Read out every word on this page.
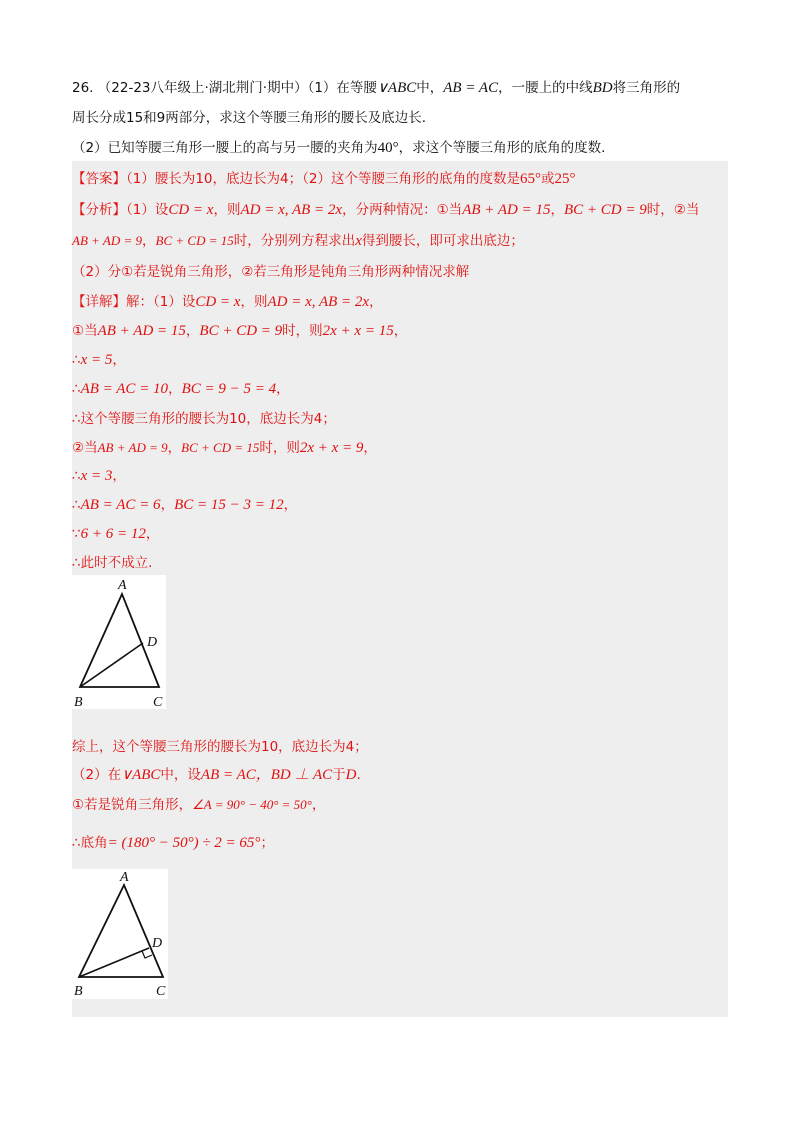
26. （22-23八年级上·湖北荆门·期中）（1）在等腰∨ABC中，AB = AC，一腰上的中线BD将三角形的
周长分成15和9两部分，求这个等腰三角形的腰长及底边长.
（2）已知等腰三角形一腰上的高与另一腰的夹角为40°，求这个等腰三角形的底角的度数.
【答案】（1）腰长为10，底边长为4；（2）这个等腰三角形的底角的度数是65°或25°
【分析】（1）设CD = x，则AD = x, AB = 2x，分两种情况：①当AB + AD = 15，BC + CD = 9时，②当
AB + AD = 9，BC + CD = 15时，分别列方程求出x得到腰长，即可求出底边；
（2）分①若是锐角三角形，②若三角形是钝角三角形两种情况求解
【详解】解：（1）设CD = x，则AD = x, AB = 2x，
①当AB + AD = 15，BC + CD = 9时，则2x + x = 15，
∴x = 5，
∴AB = AC = 10，BC = 9 − 5 = 4，
∴这个等腰三角形的腰长为10，底边长为4；
②当AB + AD = 9，BC + CD = 15时，则2x + x = 9，
∴x = 3，
∴AB = AC = 6，BC = 15 − 3 = 12，
∵6 + 6 = 12，
∴此时不成立.
A
B	C
D
综上，这个等腰三角形的腰长为10，底边长为4；
（2）在∨ABC中，设AB = AC，BD ⊥ AC于D.
①若是锐角三角形，∠A = 90° − 40° = 50°，
∴底角= (180° − 50°) ÷ 2 = 65°；
A
B	C
D
